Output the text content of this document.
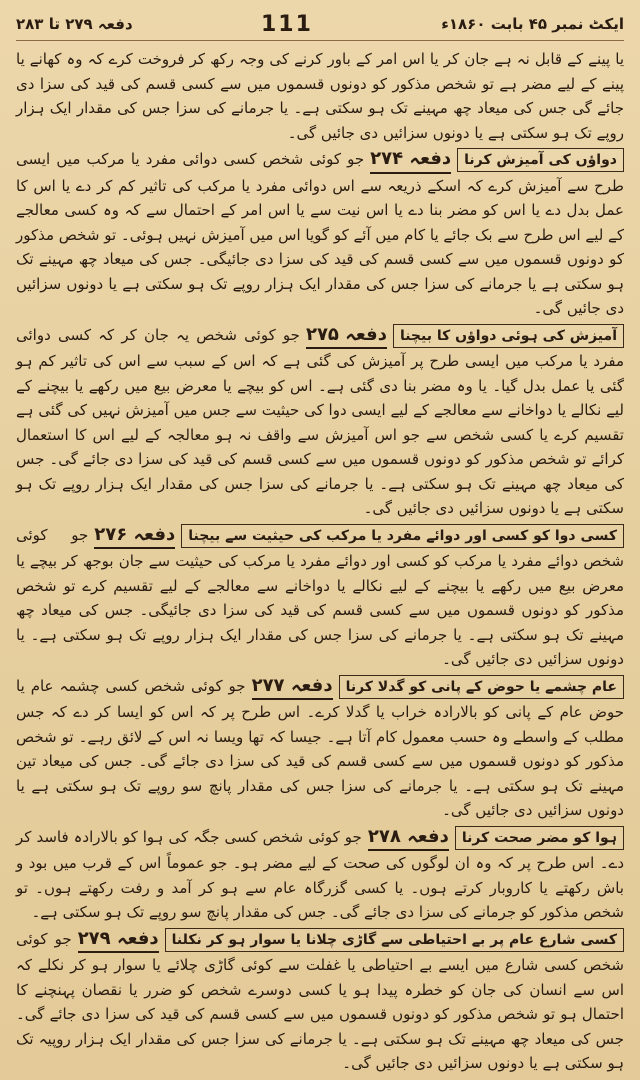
دفعہ ۲۷۹ تا ۲۸۳	111	ایکٹ نمبر ۴۵ بابت ۱۸۶۰ء

یا پینے کے قابل نہ ہے جان کر یا اس امر کے باور کرنے کی وجہ رکھ کر فروخت کرے کہ وہ کھانے یا پینے کے لیے مضر ہے تو شخص مذکور کو دونوں قسموں میں سے کسی قسم کی قید کی سزا دی جائے گی جس کی میعاد چھ مہینے تک ہو سکتی ہے۔ یا جرمانے کی سزا جس کی مقدار ایک ہزار روپے تک ہو سکتی ہے یا دونوں سزائیں دی جائیں گی۔

دواؤں کی آمیزش کرنادفعہ ۲۷۴جو کوئی شخص کسی دوائی مفرد یا مرکب میں ایسی طرح سے آمیزش کرے کہ اسکے ذریعہ سے اس دوائی مفرد یا مرکب کی تاثیر کم کر دے یا اس کا عمل بدل دے یا اس کو مضر بنا دے یا اس نیت سے یا اس امر کے احتمال سے کہ وہ کسی معالجے کے لیے اس طرح سے بک جائے یا کام میں آئے کو گویا اس میں آمیزش نہیں ہوئی۔ تو شخص مذکور کو دونوں قسموں میں سے کسی قسم کی قید کی سزا دی جائیگی۔ جس کی میعاد چھ مہینے تک ہو سکتی ہے یا جرمانے کی سزا جس کی مقدار ایک ہزار روپے تک ہو سکتی ہے یا دونوں سزائیں دی جائیں گی۔

آمیزش کی ہوئی دواؤں کا بیچنادفعہ ۲۷۵جو کوئی شخص یہ جان کر کہ کسی دوائی مفرد یا مرکب میں ایسی طرح پر آمیزش کی گئی ہے کہ اس کے سبب سے اس کی تاثیر کم ہو گئی یا عمل بدل گیا۔ یا وہ مضر بنا دی گئی ہے۔ اس کو بیچے یا معرض بیع میں رکھے یا بیچنے کے لیے نکالے یا دواخانے سے معالجے کے لیے ایسی دوا کی حیثیت سے جس میں آمیزش نہیں کی گئی ہے تقسیم کرے یا کسی شخص سے جو اس آمیزش سے واقف نہ ہو معالجہ کے لیے اس کا استعمال کرائے تو شخص مذکور کو دونوں قسموں میں سے کسی قسم کی قید کی سزا دی جائے گی۔ جس کی میعاد چھ مہینے تک ہو سکتی ہے۔ یا جرمانے کی سزا جس کی مقدار ایک ہزار روپے تک ہو سکتی ہے یا دونوں سزائیں دی جائیں گی۔

کسی دوا کو کسی اور دوائے مفرد یا مرکب کی حیثیت سے بیچنادفعہ ۲۷۶جو کوئی شخص دوائے مفرد یا مرکب کو کسی اور دوائے مفرد یا مرکب کی حیثیت سے جان بوجھ کر بیچے یا معرض بیع میں رکھے یا بیچنے کے لیے نکالے یا دواخانے سے معالجے کے لیے تقسیم کرے تو شخص مذکور کو دونوں قسموں میں سے کسی قسم کی قید کی سزا دی جائیگی۔ جس کی میعاد چھ مہینے تک ہو سکتی ہے۔ یا جرمانے کی سزا جس کی مقدار ایک ہزار روپے تک ہو سکتی ہے۔ یا دونوں سزائیں دی جائیں گی۔

عام چشمے یا حوض کے پانی کو گدلا کرنادفعہ ۲۷۷جو کوئی شخص کسی چشمہ عام یا حوض عام کے پانی کو بالارادہ خراب یا گدلا کرے۔ اس طرح پر کہ اس کو ایسا کر دے کہ جس مطلب کے واسطے وہ حسب معمول کام آتا ہے۔ جیسا کہ تھا ویسا نہ اس کے لائق رہے۔ تو شخص مذکور کو دونوں قسموں میں سے کسی قسم کی قید کی سزا دی جائے گی۔ جس کی میعاد تین مہینے تک ہو سکتی ہے۔ یا جرمانے کی سزا جس کی مقدار پانچ سو روپے تک ہو سکتی ہے یا دونوں سزائیں دی جائیں گی۔

ہوا کو مضر صحت کرنادفعہ ۲۷۸جو کوئی شخص کسی جگہ کی ہوا کو بالارادہ فاسد کر دے۔ اس طرح پر کہ وہ ان لوگوں کی صحت کے لیے مضر ہو۔ جو عموماً اس کے قرب میں بود و باش رکھتے یا کاروبار کرتے ہوں۔ یا کسی گزرگاہ عام سے ہو کر آمد و رفت رکھتے ہوں۔ تو شخص مذکور کو جرمانے کی سزا دی جائے گی۔ جس کی مقدار پانچ سو روپے تک ہو سکتی ہے۔

کسی شارع عام پر بے احتیاطی سے گاڑی چلانا یا سوار ہو کر نکلنادفعہ ۲۷۹جو کوئی شخص کسی شارع میں ایسے بے احتیاطی یا غفلت سے کوئی گاڑی چلائے یا سوار ہو کر نکلے کہ اس سے انسان کی جان کو خطرہ پیدا ہو یا کسی دوسرے شخص کو ضرر یا نقصان پہنچنے کا احتمال ہو تو شخص مذکور کو دونوں قسموں میں سے کسی قسم کی قید کی سزا دی جائے گی۔ جس کی میعاد چھ مہینے تک ہو سکتی ہے۔ یا جرمانے کی سزا جس کی مقدار ایک ہزار روپیہ تک ہو سکتی ہے یا دونوں سزائیں دی جائیں گی۔
